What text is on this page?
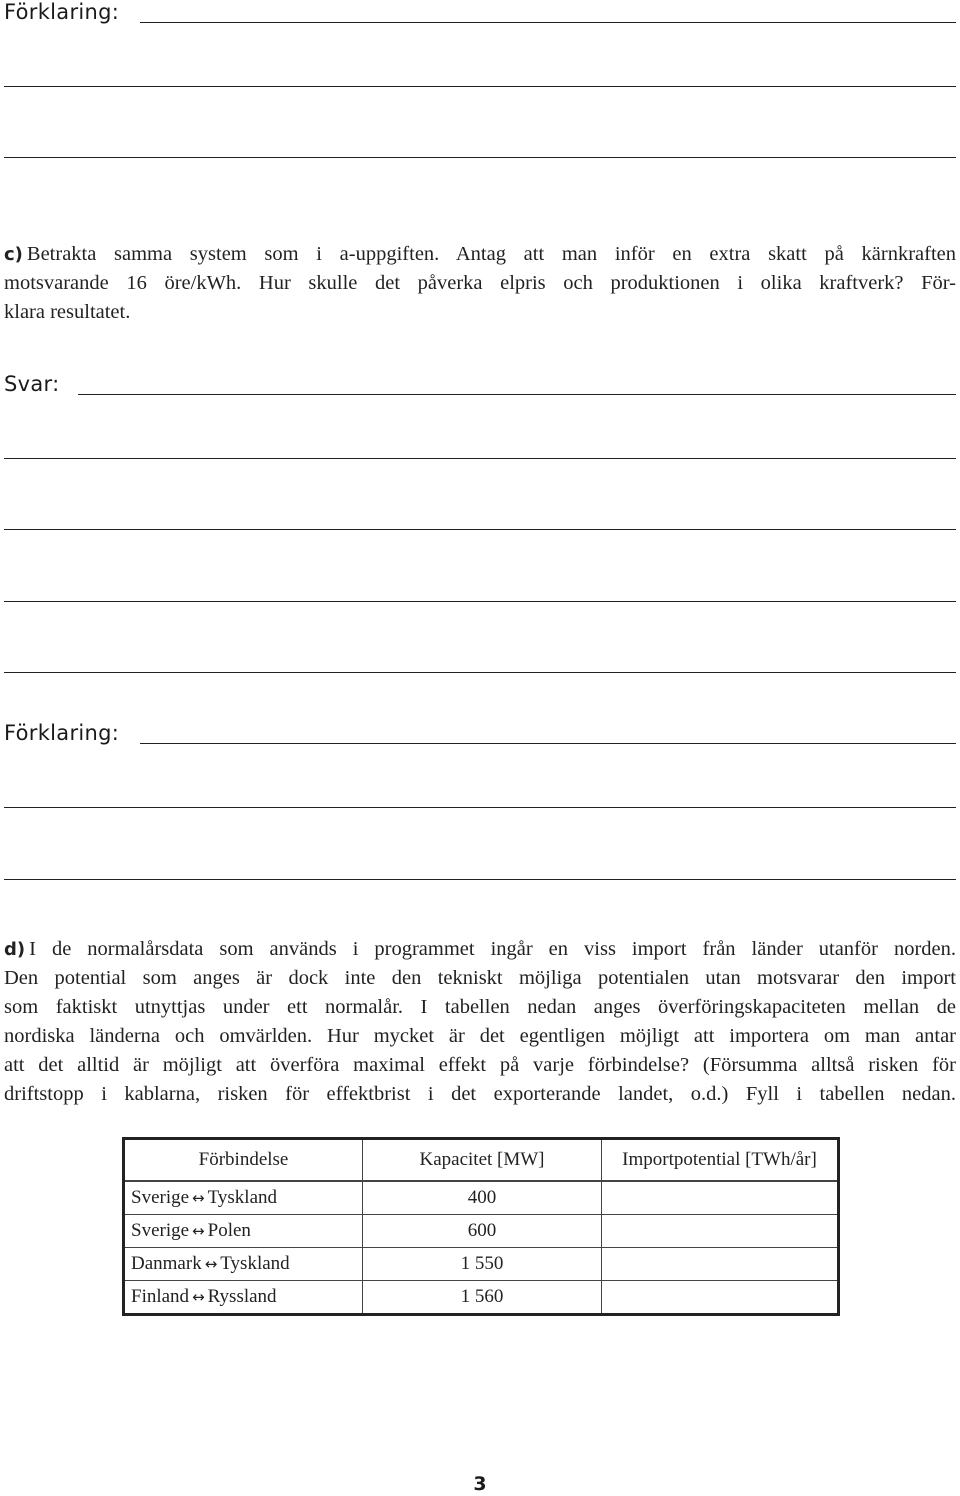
Förklaring:
c) Betrakta samma system som i a-uppgiften. Antag att man inför en extra skatt på kärnkraften
motsvarande 16 öre/kWh. Hur skulle det påverka elpris och produktionen i olika kraftverk? För-
klara resultatet.
Svar:
Förklaring:
d) I de normalårsdata som används i programmet ingår en viss import från länder utanför norden.
Den potential som anges är dock inte den tekniskt möjliga potentialen utan motsvarar den import
som faktiskt utnyttjas under ett normalår. I tabellen nedan anges överföringskapaciteten mellan de
nordiska länderna och omvärlden. Hur mycket är det egentligen möjligt att importera om man antar
att det alltid är möjligt att överföra maximal effekt på varje förbindelse? (Försumma alltså risken för
driftstopp i kablarna, risken för effektbrist i det exporterande landet, o.d.) Fyll i tabellen nedan.
Förbindelse	Kapacitet [MW]	Importpotential [TWh/år]
Sverige ↔ Tyskland	400	
Sverige ↔ Polen	600	
Danmark ↔ Tyskland	1 550	
Finland ↔ Ryssland	1 560	
3
